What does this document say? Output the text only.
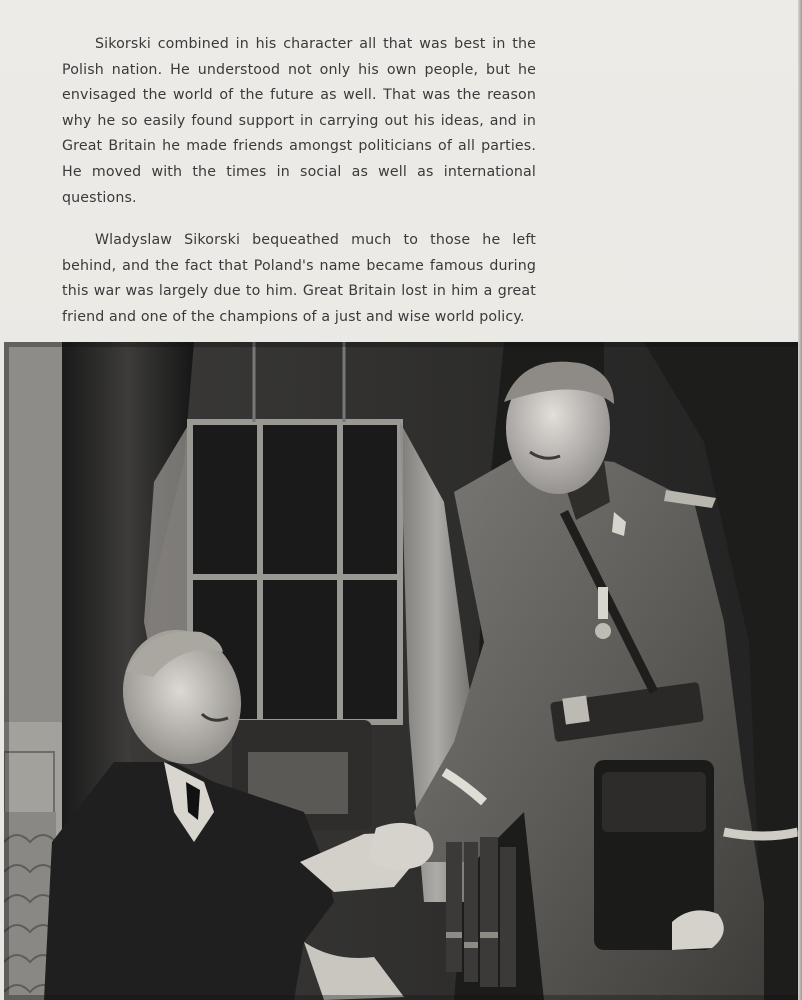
Sikorski combined in his character all that was best in the Polish nation. He understood not only his own people, but he envisaged the world of the future as well. That was the reason why he so easily found support in carrying out his ideas, and in Great Britain he made friends amongst politicians of all parties. He moved with the times in social as well as international questions.

Wladyslaw Sikorski bequeathed much to those he left behind, and the fact that Poland's name became famous during this war was largely due to him. Great Britain lost in him a great friend and one of the champions of a just and wise world policy.
